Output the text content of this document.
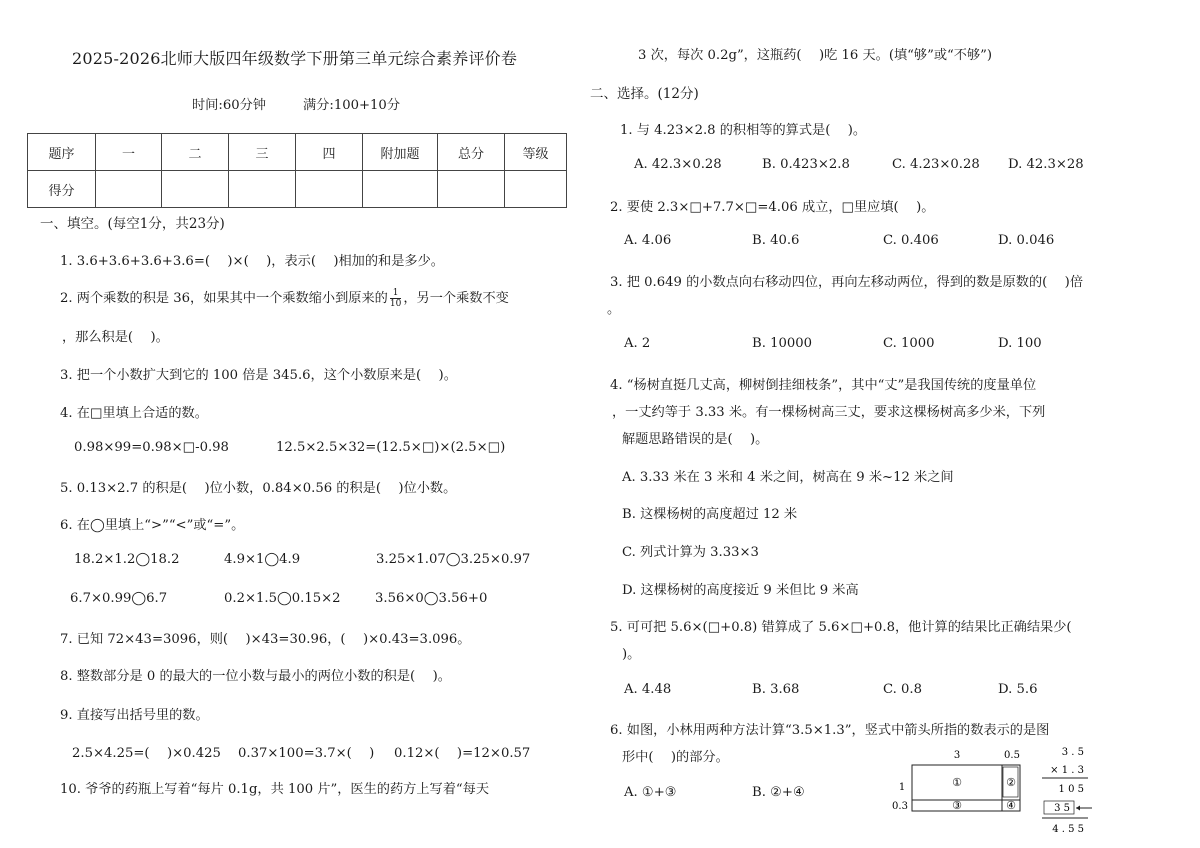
2025-2026北师大版四年级数学下册第三单元综合素养评价卷
时间:60分钟	满分:100+10分
题序	一	二	三	四	附加题	总分	等级
得分							
一、填空。(每空1分，共23分)
1. 3.6+3.6+3.6+3.6=(　 )×(　 )，表示(　 )相加的和是多少。
2. 两个乘数的积是 36，如果其中一个乘数缩小到原来的 $\frac{1}{10}$ ，另一个乘数不变
，那么积是(　 )。
3. 把一个小数扩大到它的 100 倍是 345.6，这个小数原来是(　 )。
4. 在□里填上合适的数。
0.98×99=0.98×□-0.98	12.5×2.5×32=(12.5×□)×(2.5×□)
5. 0.13×2.7 的积是(　 )位小数，0.84×0.56 的积是(　 )位小数。
6. 在◯里填上“>”“<”或“=”。
18.2×1.2◯18.2	4.9×1◯4.9	3.25×1.07◯3.25×0.97
6.7×0.99◯6.7	0.2×1.5◯0.15×2	3.56×0◯3.56+0
7. 已知 72×43=3096，则(　 )×43=30.96，(　 )×0.43=3.096。
8. 整数部分是 0 的最大的一位小数与最小的两位小数的积是(　 )。
9. 直接写出括号里的数。
2.5×4.25=(　 )×0.425 0.37×100=3.7×(　 ) 0.12×(　 )=12×0.57
10. 爷爷的药瓶上写着“每片 0.1g，共 100 片”，医生的药方上写着“每天
3 次，每次 0.2g”，这瓶药(　 )吃 16 天。(填“够”或“不够”)
二、选择。(12分)
1. 与 4.23×2.8 的积相等的算式是(　 )。
A. 42.3×0.28	B. 0.423×2.8	C. 4.23×0.28 D. 42.3×28
2. 要使 2.3×□+7.7×□=4.06 成立，□里应填(　 )。
A. 4.06	B. 40.6	C. 0.406	D. 0.046
3. 把 0.649 的小数点向右移动四位，再向左移动两位，得到的数是原数的(　 )倍
。
A. 2	B. 10000	C. 1000	D. 100
4. “杨树直挺几丈高，柳树倒挂细枝条”，其中“丈”是我国传统的度量单位
，一丈约等于 3.33 米。有一棵杨树高三丈，要求这棵杨树高多少米，下列
解题思路错误的是(　 )。
A. 3.33 米在 3 米和 4 米之间，树高在 9 米~12 米之间
B. 这棵杨树的高度超过 12 米
C. 列式计算为 3.33×3
D. 这棵杨树的高度接近 9 米但比 9 米高
5. 可可把 5.6×(□+0.8) 错算成了 5.6×□+0.8，他计算的结果比正确结果少(
)。
A. 4.48	B. 3.68	C. 0.8	D. 5.6
6. 如图，小林用两种方法计算“3.5×1.3”，竖式中箭头所指的数表示的是图
形中(　 )的部分。
A. ①+③	B. ②+④
3	0.5
1
0.3
①	②
③	④
3 . 5
× 1 . 3
1 0 5
3 5
4 . 5 5
